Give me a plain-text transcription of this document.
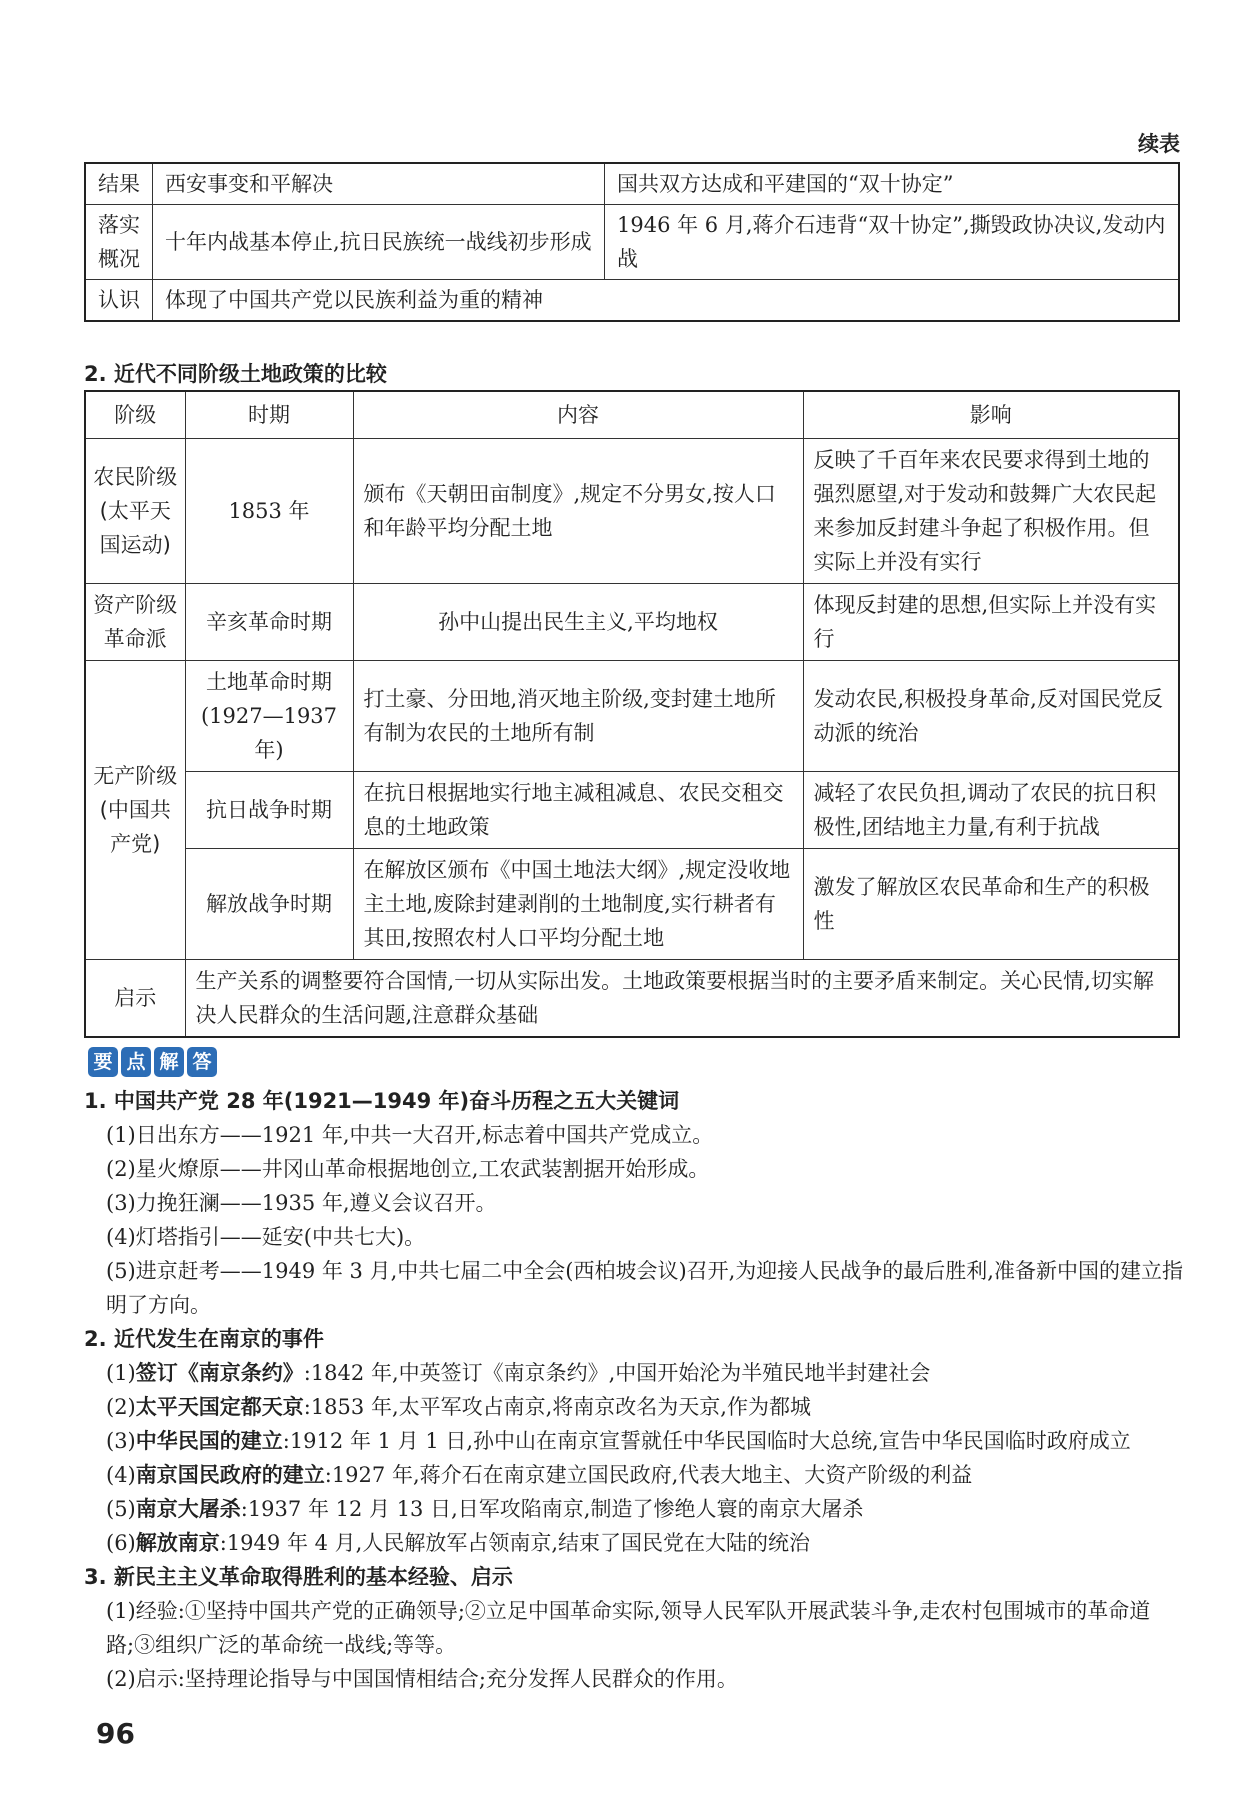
续表
结果	西安事变和平解决	国共双方达成和平建国的“双十协定”
落实概况	十年内战基本停止,抗日民族统一战线初步形成	1946 年 6 月,蒋介石违背“双十协定”,撕毁政协决议,发动内战
认识	体现了中国共产党以民族利益为重的精神	
2. 近代不同阶级土地政策的比较
阶级	时期	内容	影响
农民阶级(太平天国运动)	1853 年	颁布《天朝田亩制度》,规定不分男女,按人口和年龄平均分配土地	反映了千百年来农民要求得到土地的强烈愿望,对于发动和鼓舞广大农民起来参加反封建斗争起了积极作用。但实际上并没有实行
资产阶级革命派	辛亥革命时期	孙中山提出民生主义,平均地权	体现反封建的思想,但实际上并没有实行
无产阶级(中国共产党)	土地革命时期(1927—1937 年)	打土豪、分田地,消灭地主阶级,变封建土地所有制为农民的土地所有制	发动农民,积极投身革命,反对国民党反动派的统治
	抗日战争时期	在抗日根据地实行地主减租减息、农民交租交息的土地政策	减轻了农民负担,调动了农民的抗日积极性,团结地主力量,有利于抗战
	解放战争时期	在解放区颁布《中国土地法大纲》,规定没收地主土地,废除封建剥削的土地制度,实行耕者有其田,按照农村人口平均分配土地	激发了解放区农民革命和生产的积极性
启示	生产关系的调整要符合国情,一切从实际出发。土地政策要根据当时的主要矛盾来制定。关心民情,切实解决人民群众的生活问题,注意群众基础		
要 点 解 答
1. 中国共产党 28 年(1921—1949 年)奋斗历程之五大关键词
(1)日出东方——1921 年,中共一大召开,标志着中国共产党成立。
(2)星火燎原——井冈山革命根据地创立,工农武装割据开始形成。
(3)力挽狂澜——1935 年,遵义会议召开。
(4)灯塔指引——延安(中共七大)。
(5)进京赶考——1949 年 3 月,中共七届二中全会(西柏坡会议)召开,为迎接人民战争的最后胜利,准备新中国的建立指明了方向。
2. 近代发生在南京的事件
(1)签订《南京条约》:1842 年,中英签订《南京条约》,中国开始沦为半殖民地半封建社会
(2)太平天国定都天京:1853 年,太平军攻占南京,将南京改名为天京,作为都城
(3)中华民国的建立:1912 年 1 月 1 日,孙中山在南京宣誓就任中华民国临时大总统,宣告中华民国临时政府成立
(4)南京国民政府的建立:1927 年,蒋介石在南京建立国民政府,代表大地主、大资产阶级的利益
(5)南京大屠杀:1937 年 12 月 13 日,日军攻陷南京,制造了惨绝人寰的南京大屠杀
(6)解放南京:1949 年 4 月,人民解放军占领南京,结束了国民党在大陆的统治
3. 新民主主义革命取得胜利的基本经验、启示
(1)经验:①坚持中国共产党的正确领导;②立足中国革命实际,领导人民军队开展武装斗争,走农村包围城市的革命道路;③组织广泛的革命统一战线;等等。
(2)启示:坚持理论指导与中国国情相结合;充分发挥人民群众的作用。
96
